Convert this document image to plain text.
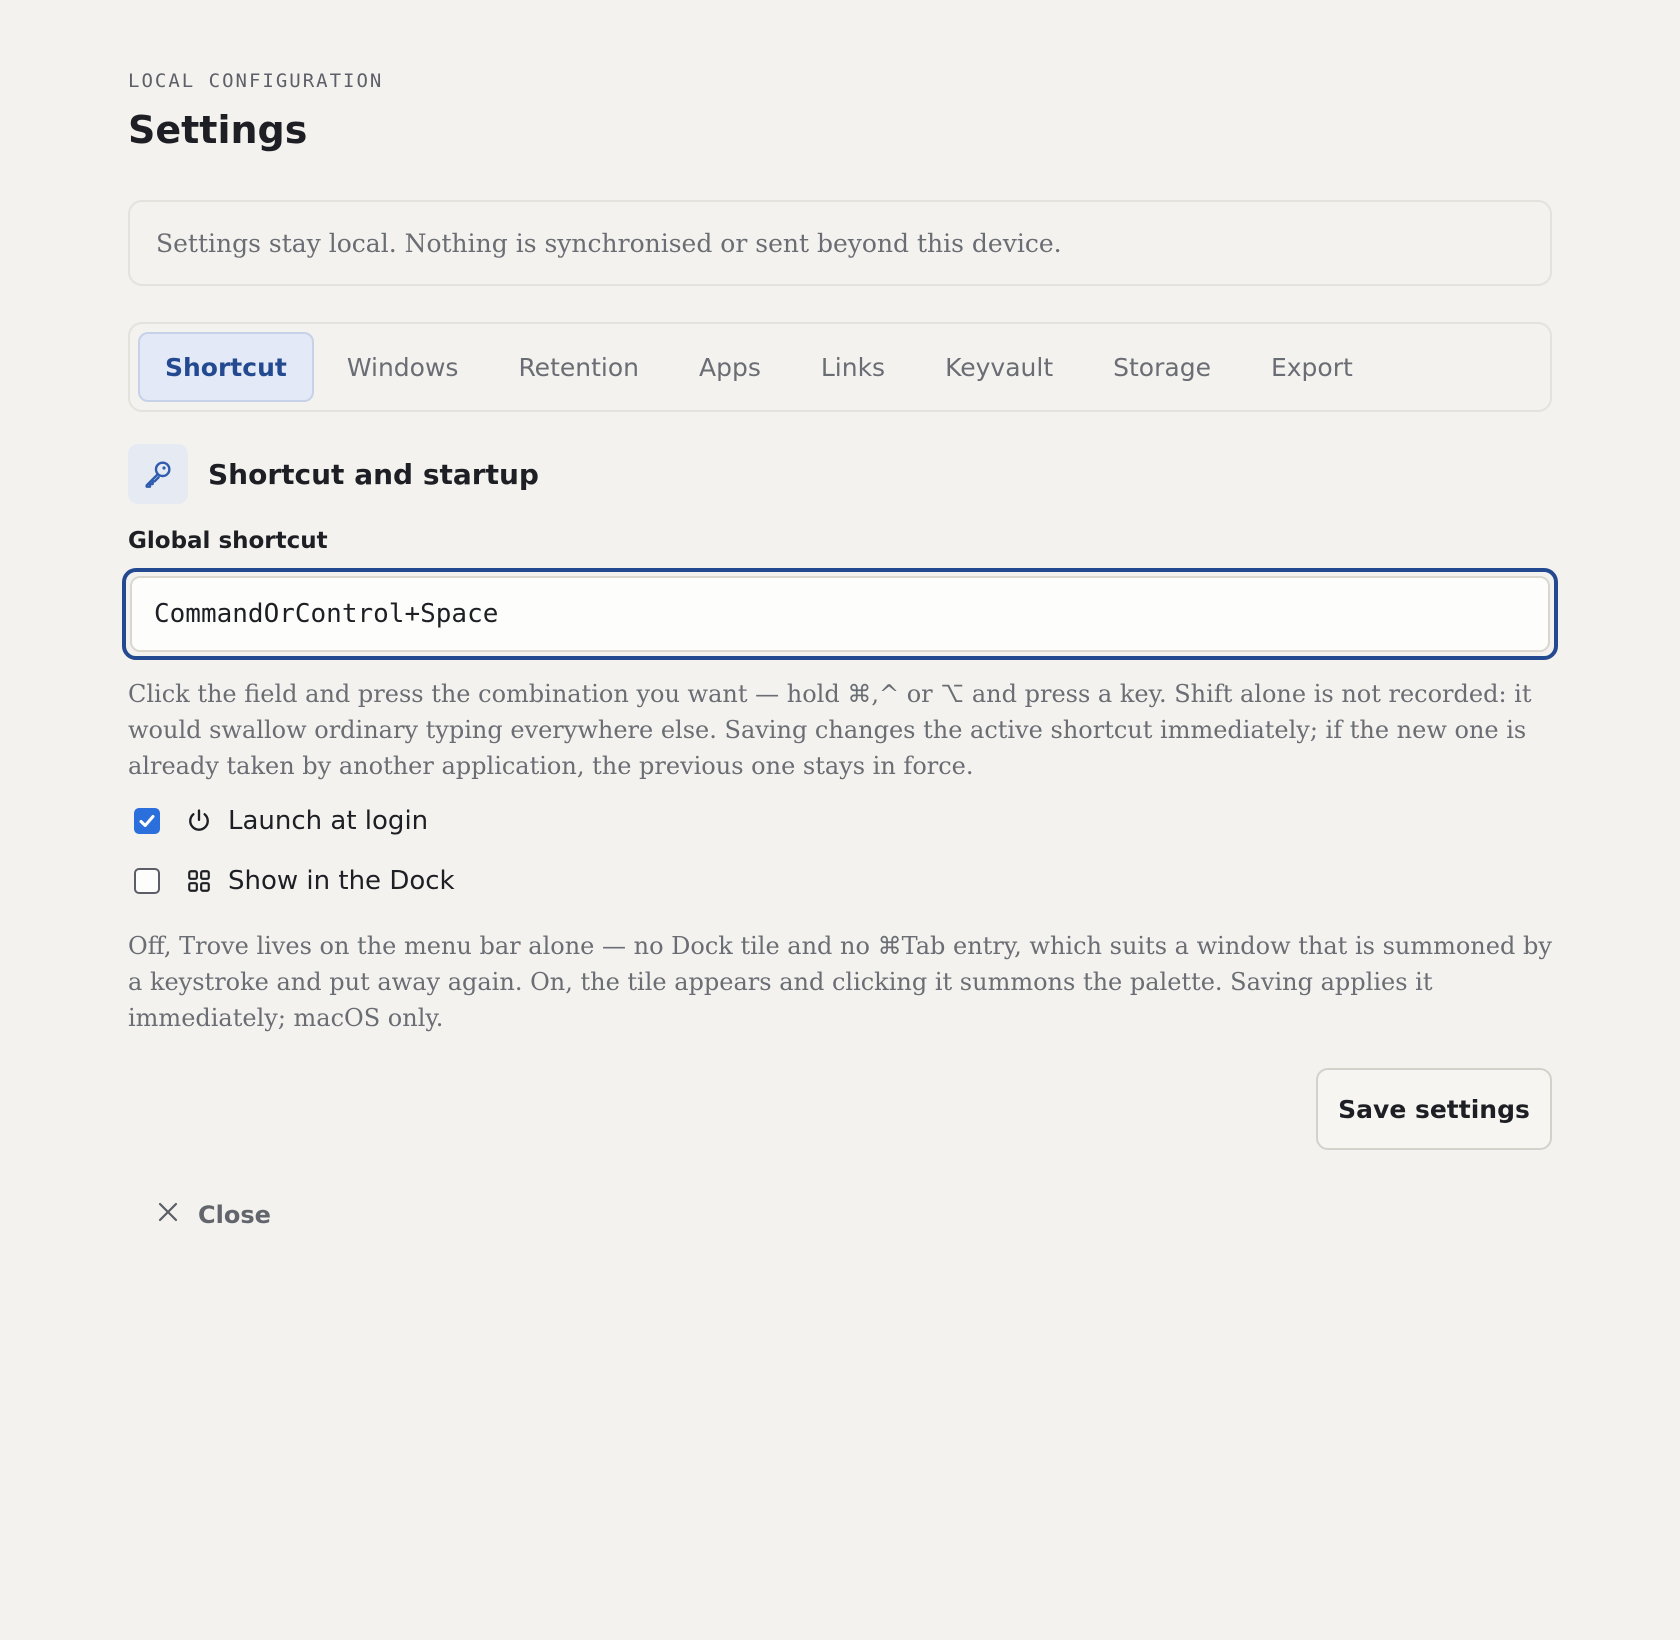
LOCAL CONFIGURATION
Settings
Settings stay local. Nothing is synchronised or sent beyond this device.
Shortcut	Windows	Retention	Apps	Links	Keyvault	Storage	Export
Shortcut and startup
Global shortcut
CommandOrControl+Space

Click the field and press the combination you want — hold ⌘,^ or ⌥ and press a key. Shift alone is not recorded: it would swallow ordinary typing everywhere else. Saving changes the active shortcut immediately; if the new one is already taken by another application, the previous one stays in force.

Launch at login
Show in the Dock

Off, Trove lives on the menu bar alone — no Dock tile and no ⌘Tab entry, which suits a window that is summoned by a keystroke and put away again. On, the tile appears and clicking it summons the palette. Saving applies it immediately; macOS only.

Save settings
Close
